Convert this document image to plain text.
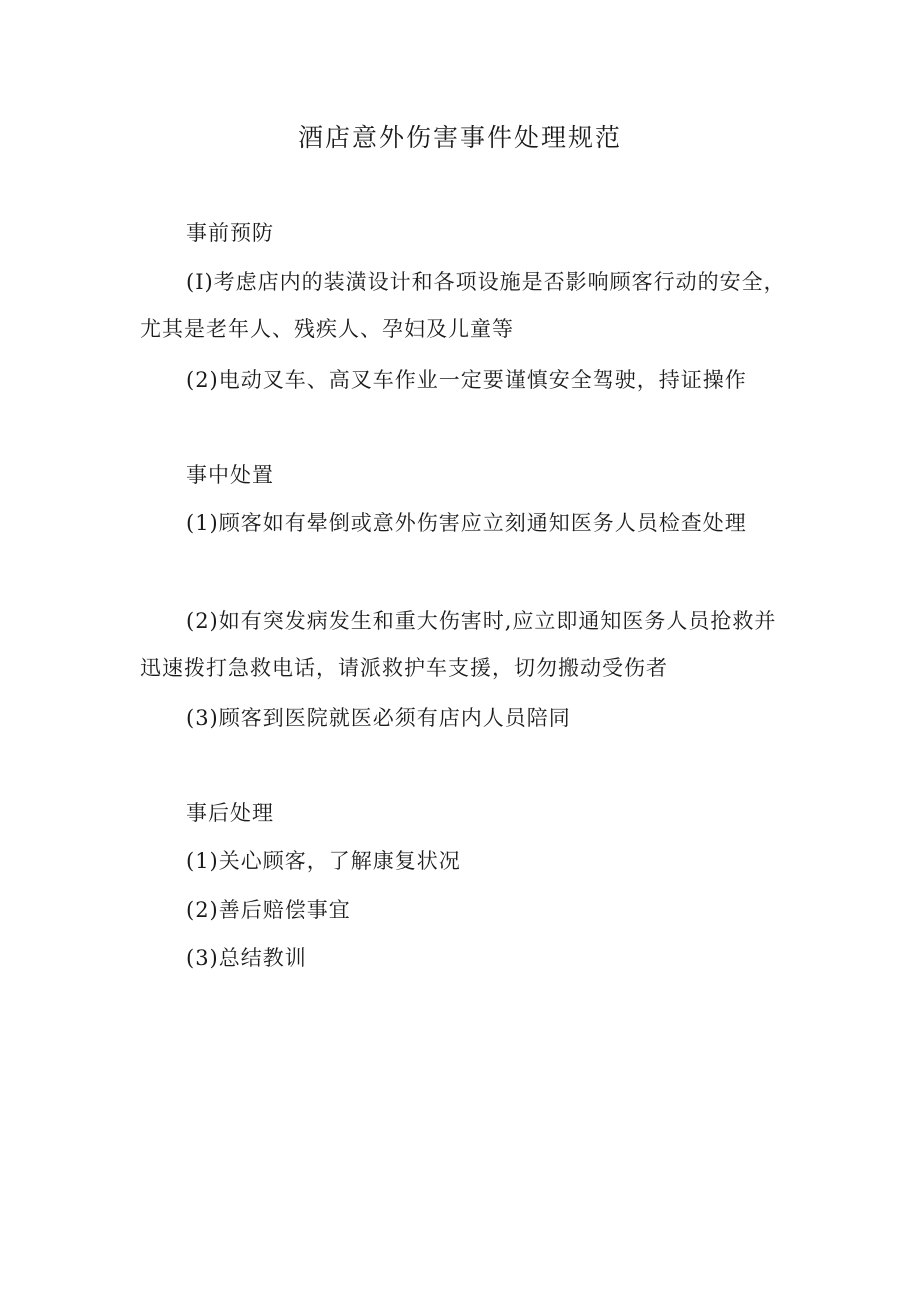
酒店意外伤害事件处理规范
事前预防
(I)考虑店内的装潢设计和各项设施是否影响顾客行动的安全，尤其是老年人、残疾人、孕妇及儿童等
(2)电动叉车、高叉车作业一定要谨慎安全驾驶，持证操作
事中处置
(1)顾客如有晕倒或意外伤害应立刻通知医务人员检查处理
(2)如有突发病发生和重大伤害时,应立即通知医务人员抢救并迅速拨打急救电话，请派救护车支援，切勿搬动受伤者
(3)顾客到医院就医必须有店内人员陪同
事后处理
(1)关心顾客，了解康复状况
(2)善后赔偿事宜
(3)总结教训
